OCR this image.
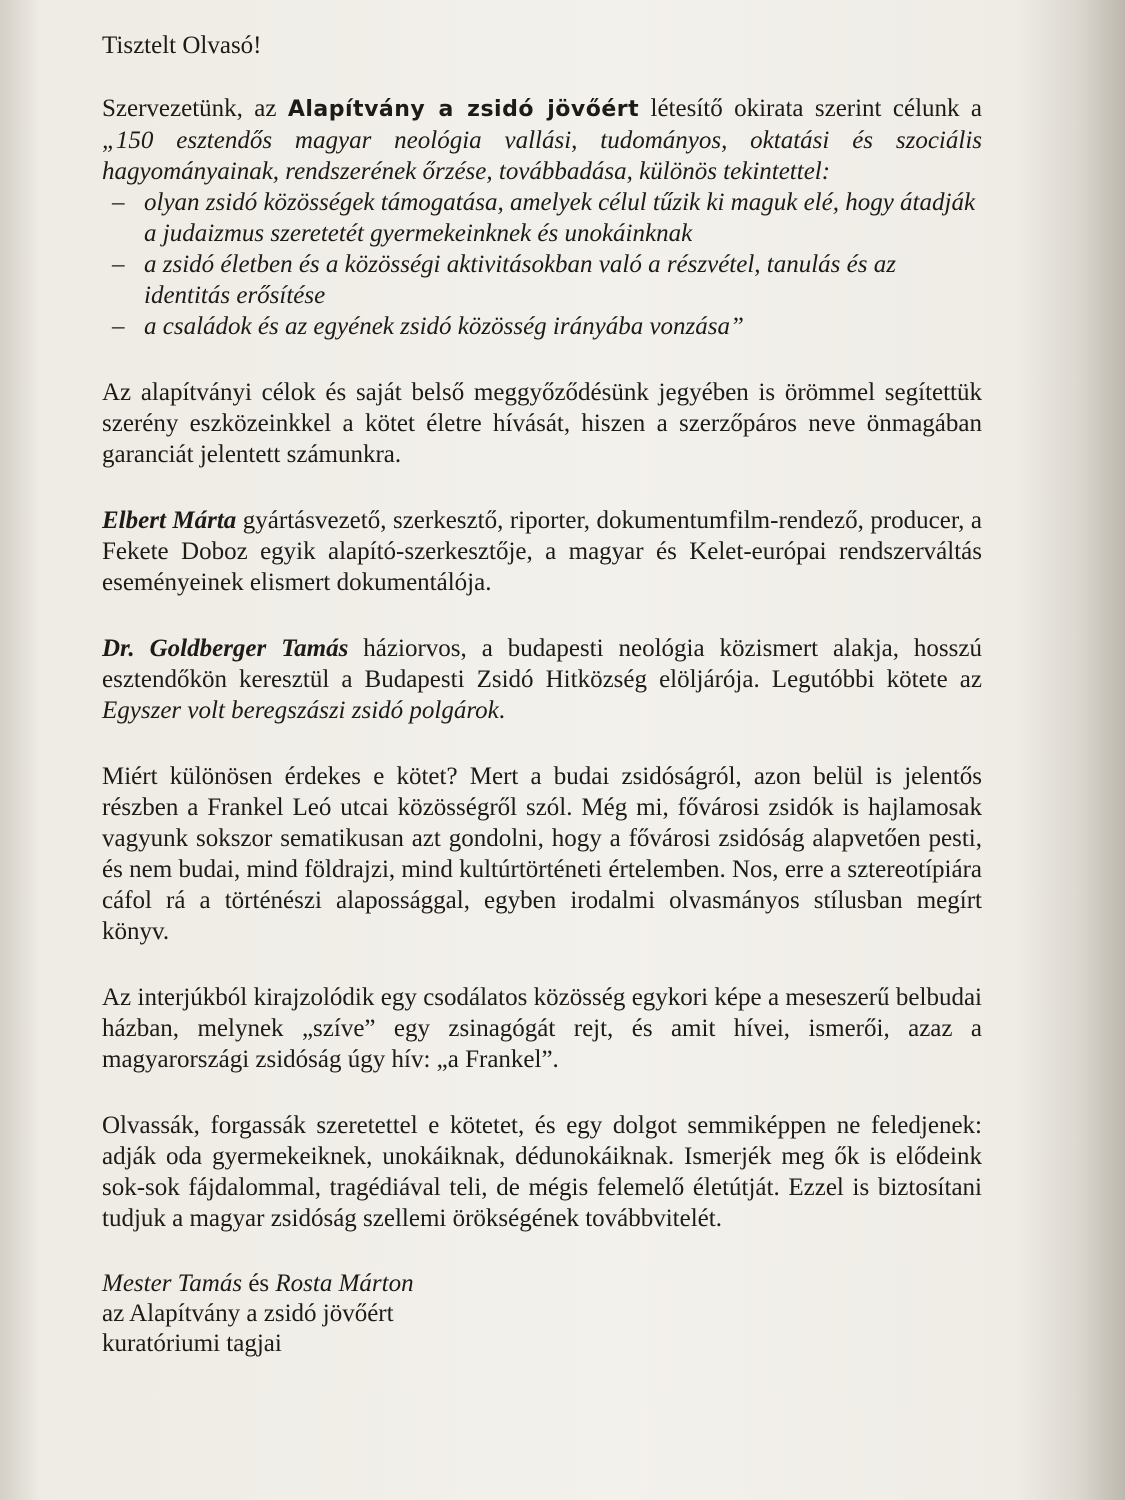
Tisztelt Olvasó!

Szervezetünk, az Alapítvány a zsidó jövőért létesítő okirata szerint célunk a „150 esztendős magyar neológia vallási, tudományos, oktatási és szociális hagyományainak, rendszerének őrzése, továbbadása, különös tekintettel:

– olyan zsidó közösségek támogatása, amelyek célul tűzik ki maguk elé, hogy átadják a judaizmus szeretetét gyermekeinknek és unokáinknak
– a zsidó életben és a közösségi aktivitásokban való a részvétel, tanulás és az identitás erősítése
– a családok és az egyének zsidó közösség irányába vonzása”

Az alapítványi célok és saját belső meggyőződésünk jegyében is örömmel segítettük szerény eszközeinkkel a kötet életre hívását, hiszen a szerzőpáros neve önmagában garanciát jelentett számunkra.

Elbert Márta gyártásvezető, szerkesztő, riporter, dokumentumfilm-rendező, producer, a Fekete Doboz egyik alapító-szerkesztője, a magyar és Kelet-európai rendszerváltás eseményeinek elismert dokumentálója.

Dr. Goldberger Tamás háziorvos, a budapesti neológia közismert alakja, hosszú esztendőkön keresztül a Budapesti Zsidó Hitközség elöljárója. Legutóbbi kötete az Egyszer volt beregszászi zsidó polgárok.

Miért különösen érdekes e kötet? Mert a budai zsidóságról, azon belül is jelentős részben a Frankel Leó utcai közösségről szól. Még mi, fővárosi zsidók is hajlamosak vagyunk sokszor sematikusan azt gondolni, hogy a fővárosi zsidóság alapvetően pesti, és nem budai, mind földrajzi, mind kultúrtörténeti értelemben. Nos, erre a sztereotípiára cáfol rá a történészi alapossággal, egyben irodalmi olvasmányos stílusban megírt könyv.

Az interjúkból kirajzolódik egy csodálatos közösség egykori képe a meseszerű belbudai házban, melynek „szíve” egy zsinagógát rejt, és amit hívei, ismerői, azaz a magyarországi zsidóság úgy hív: „a Frankel”.

Olvassák, forgassák szeretettel e kötetet, és egy dolgot semmiképpen ne feledjenek: adják oda gyermekeiknek, unokáiknak, dédunokáiknak. Ismerjék meg ők is elődeink sok-sok fájdalommal, tragédiával teli, de mégis felemelő életútját. Ezzel is biztosítani tudjuk a magyar zsidóság szellemi örökségének továbbvitelét.

Mester Tamás és Rosta Márton
az Alapítvány a zsidó jövőért
kuratóriumi tagjai
